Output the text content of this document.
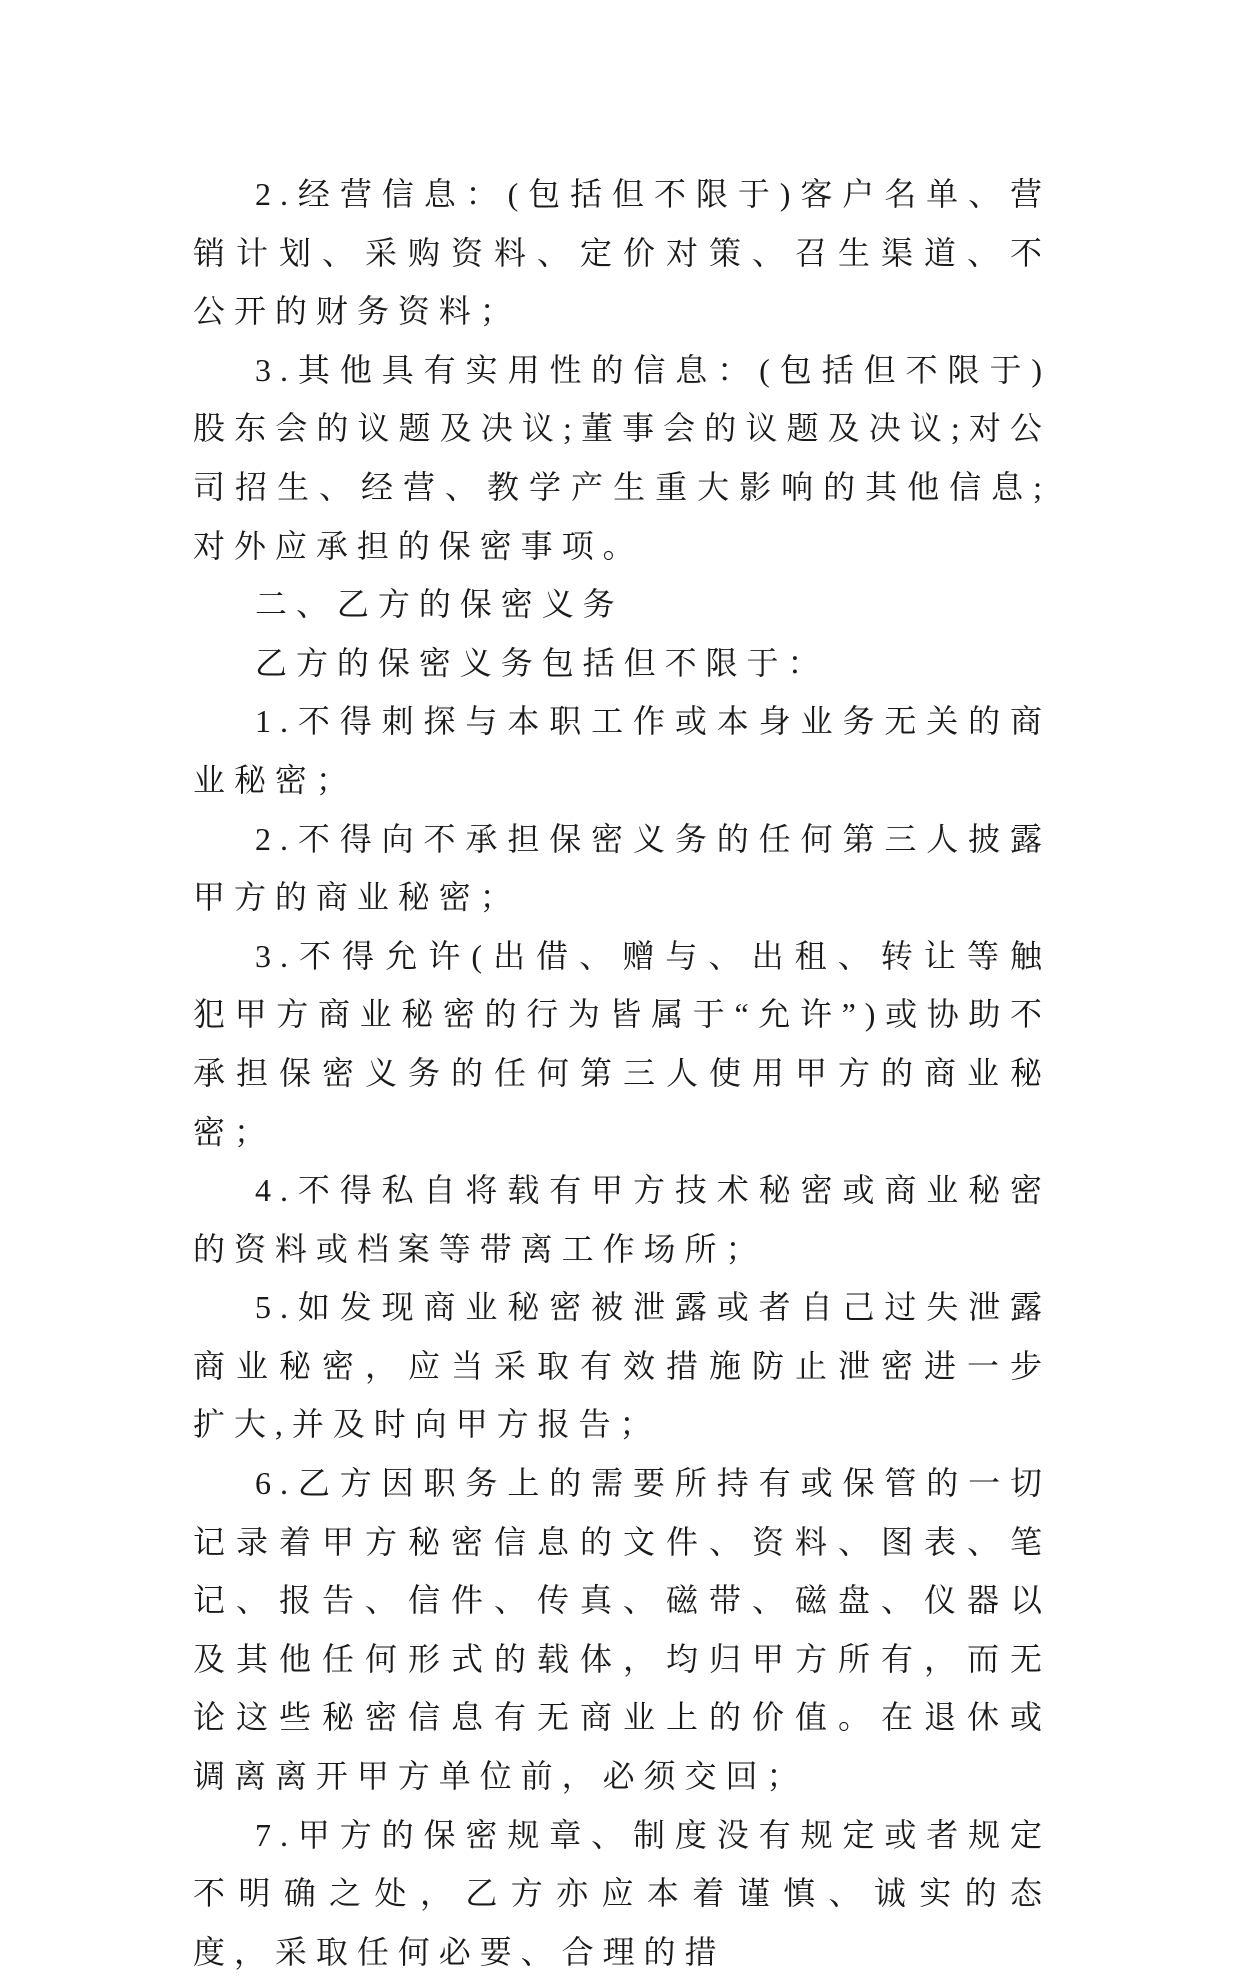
2.经营信息：(包括但不限于)客户名单、营销计划、采购资料、定价对策、召生渠道、不公开的财务资料；

3.其他具有实用性的信息：(包括但不限于)股东会的议题及决议;董事会的议题及决议;对公司招生、经营、教学产生重大影响的其他信息;对外应承担的保密事项。

二、乙方的保密义务

乙方的保密义务包括但不限于：

1.不得刺探与本职工作或本身业务无关的商业秘密；

2.不得向不承担保密义务的任何第三人披露甲方的商业秘密；

3.不得允许(出借、赠与、出租、转让等触犯甲方商业秘密的行为皆属于“允许”)或协助不承担保密义务的任何第三人使用甲方的商业秘密；

4.不得私自将载有甲方技术秘密或商业秘密的资料或档案等带离工作场所；

5.如发现商业秘密被泄露或者自己过失泄露商业秘密，应当采取有效措施防止泄密进一步扩大,并及时向甲方报告；

6.乙方因职务上的需要所持有或保管的一切记录着甲方秘密信息的文件、资料、图表、笔记、报告、信件、传真、磁带、磁盘、仪器以及其他任何形式的载体，均归甲方所有，而无论这些秘密信息有无商业上的价值。在退休或调离离开甲方单位前，必须交回；

7.甲方的保密规章、制度没有规定或者规定不明确之处，乙方亦应本着谨慎、诚实的态度，采取任何必要、合理的措
